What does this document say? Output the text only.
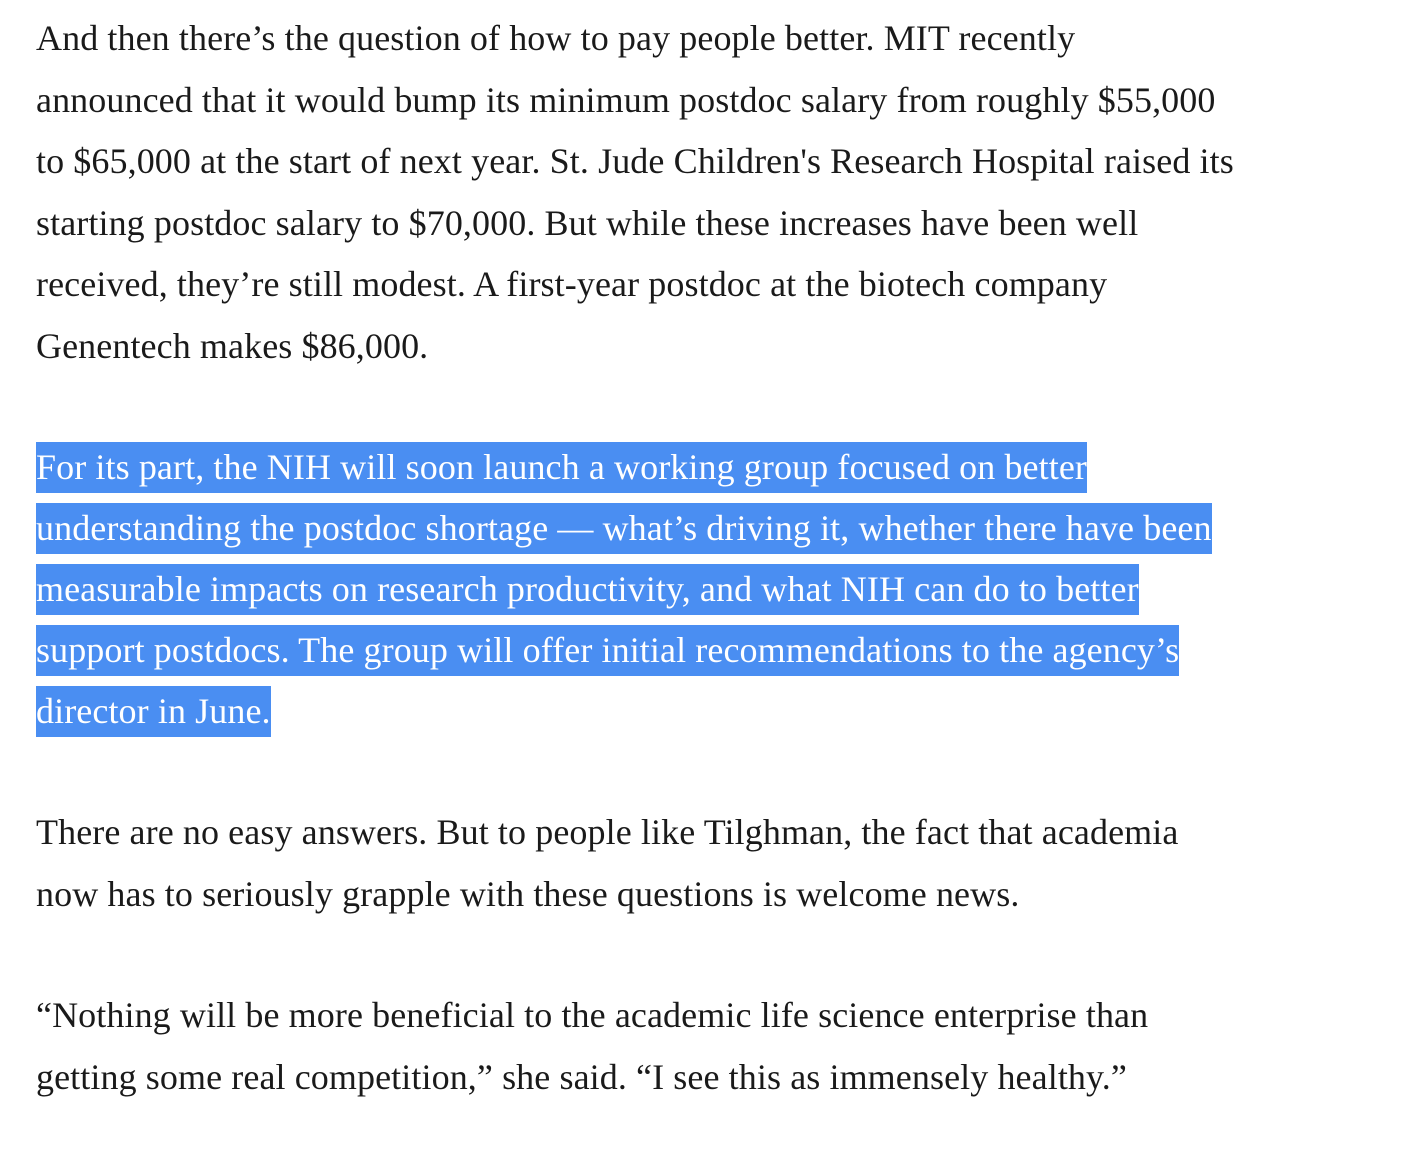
And then there’s the question of how to pay people better. MIT recently
announced that it would bump its minimum postdoc salary from roughly $55,000
to $65,000 at the start of next year. St. Jude Children's Research Hospital raised its
starting postdoc salary to $70,000. But while these increases have been well
received, they’re still modest. A first-year postdoc at the biotech company
Genentech makes $86,000.

For its part, the NIH will soon launch a working group focused on better
understanding the postdoc shortage — what’s driving it, whether there have been
measurable impacts on research productivity, and what NIH can do to better
support postdocs. The group will offer initial recommendations to the agency’s
director in June.

There are no easy answers. But to people like Tilghman, the fact that academia
now has to seriously grapple with these questions is welcome news.

“Nothing will be more beneficial to the academic life science enterprise than
getting some real competition,” she said. “I see this as immensely healthy.”
